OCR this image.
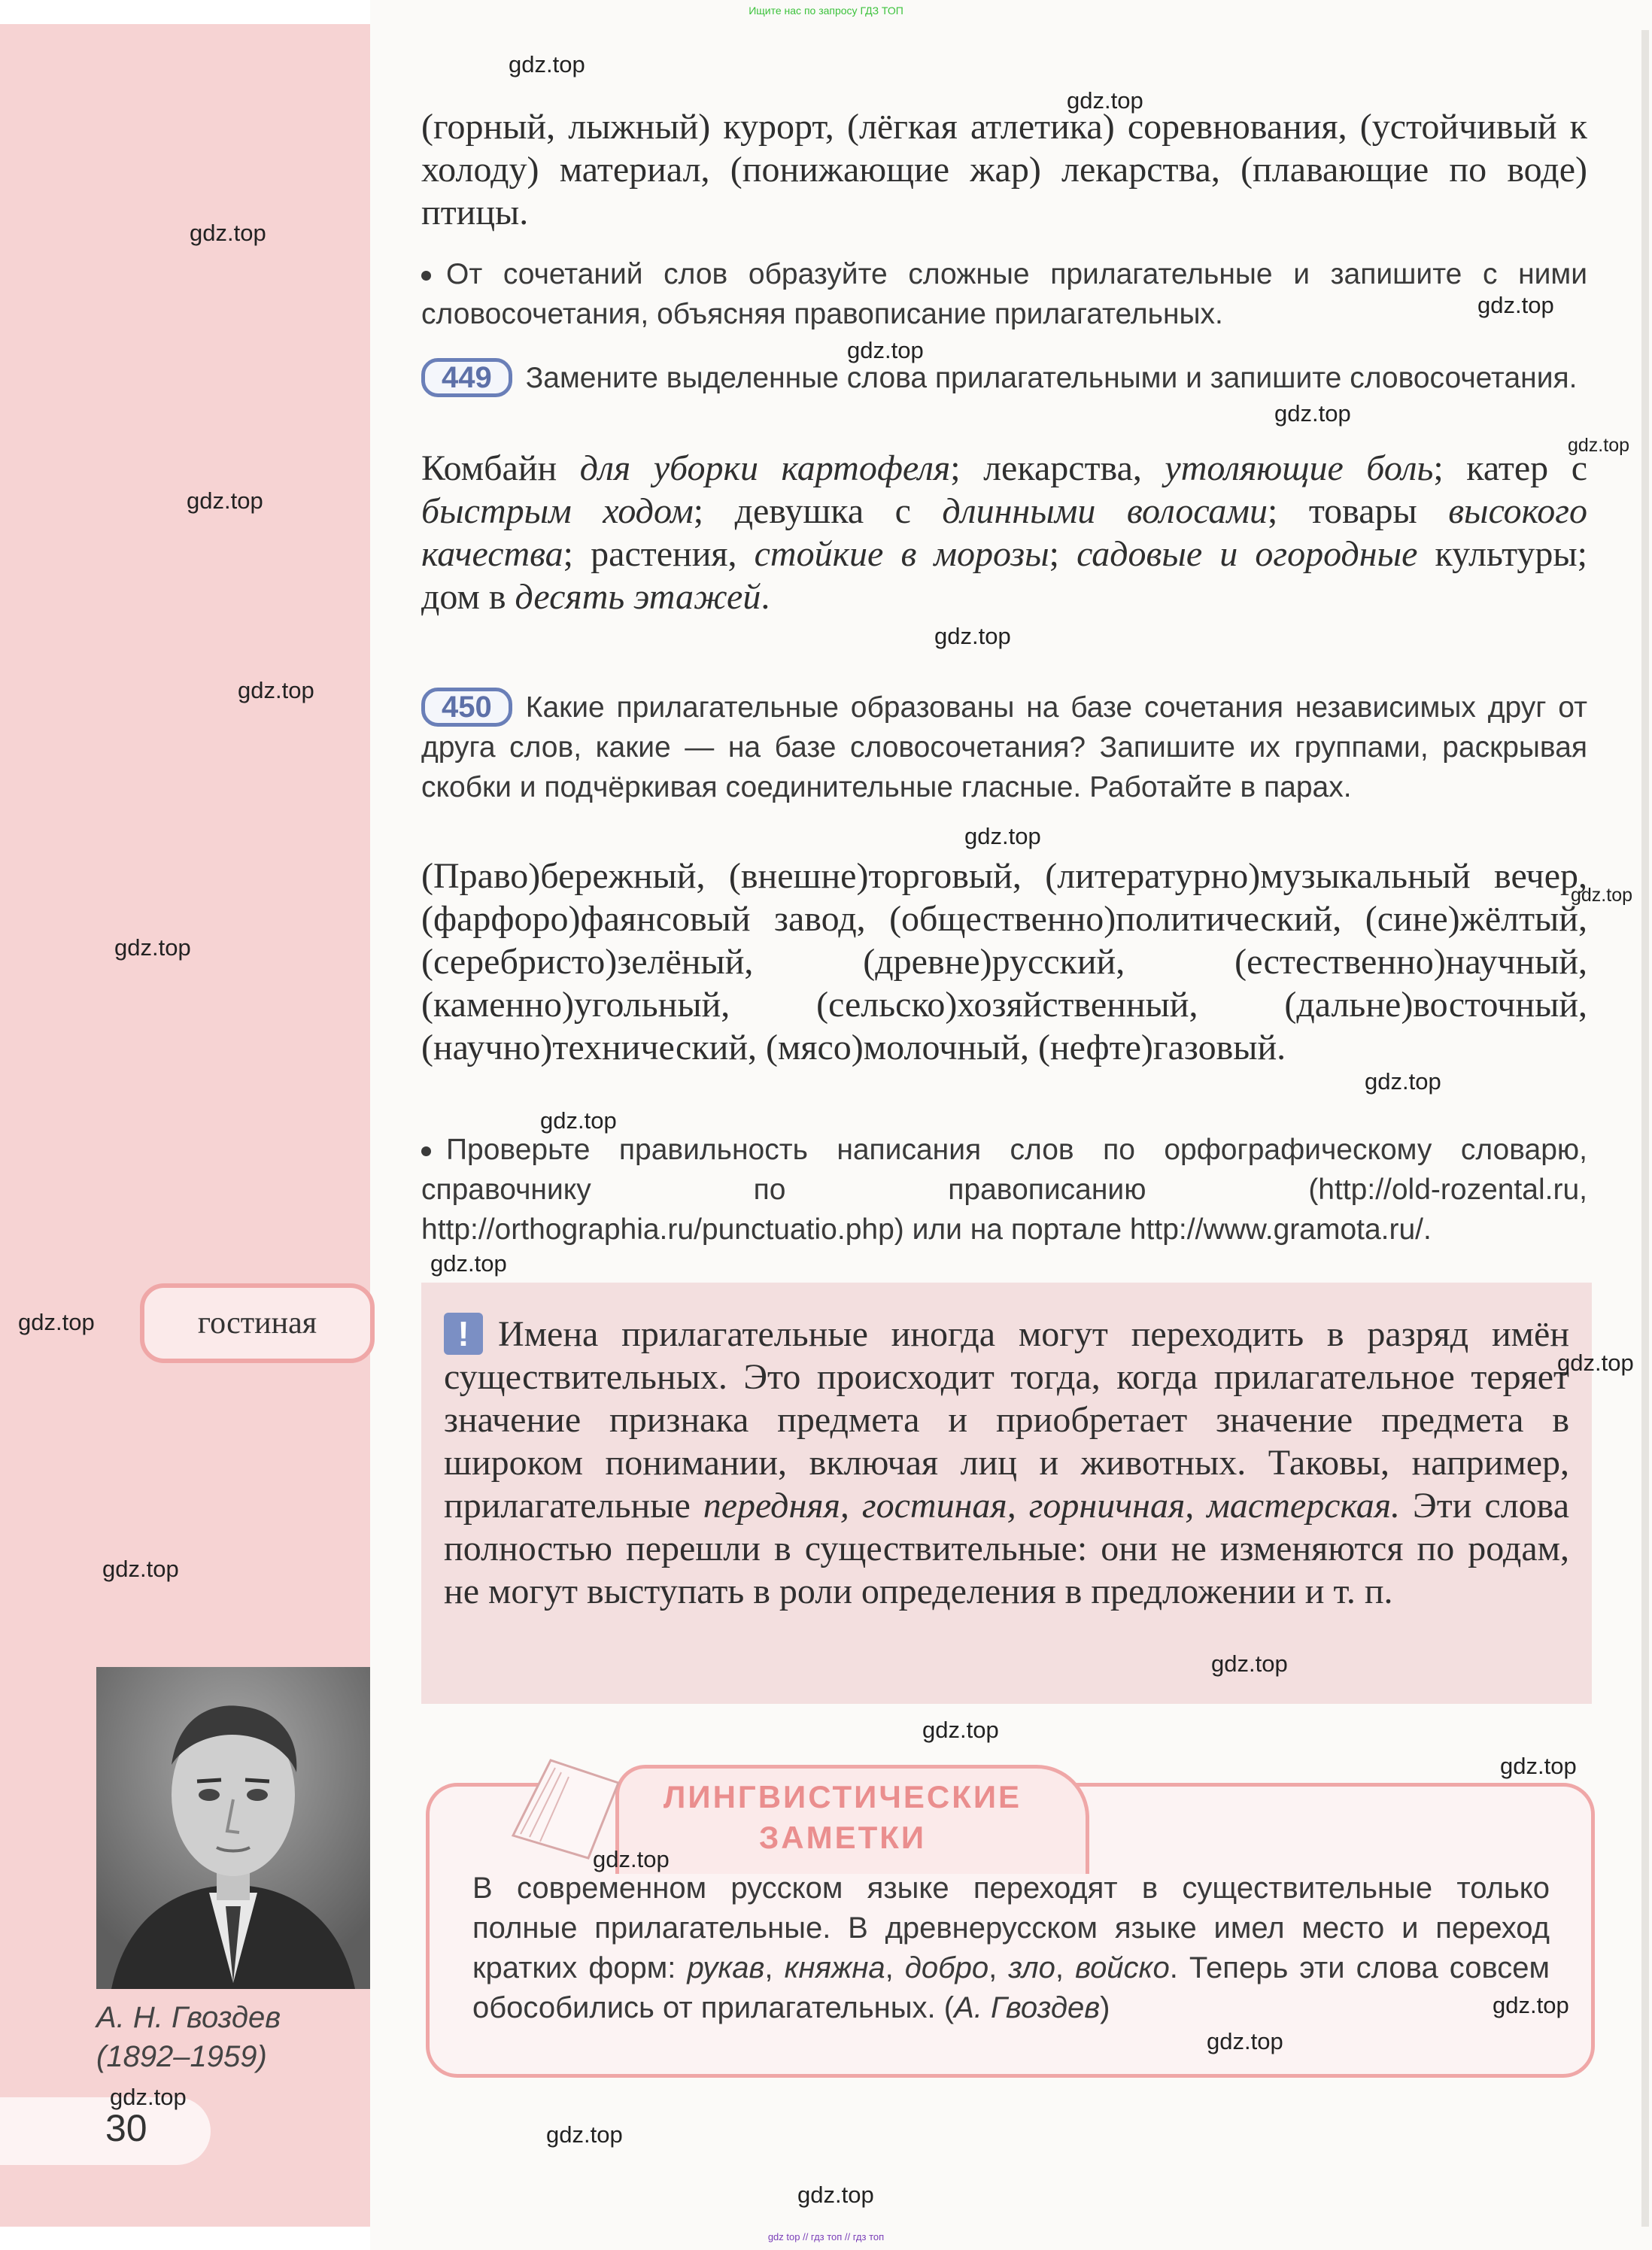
Ищите нас по запросу ГДЗ ТОП
(горный, лыжный) курорт, (лёгкая атлетика) соревнования, (устойчивый к холоду) материал, (понижающие жар) лекарства, (плавающие по воде) птицы.
От сочетаний слов образуйте сложные прилагательные и запишите с ними словосочетания, объясняя правописание прилагательных.
449 Замените выделенные слова прилагательными и запишите словосочетания.
Комбайн для уборки картофеля; лекарства, утоляющие боль; катер с быстрым ходом; девушка с длинными волосами; товары высокого качества; растения, стойкие в морозы; садовые и огородные культуры; дом в десять этажей.
450 Какие прилагательные образованы на базе сочетания независимых друг от друга слов, какие — на базе словосочетания? Запишите их группами, раскрывая скобки и подчёркивая соединительные гласные. Работайте в парах.
(Право)бережный, (внешне)торговый, (литературно)музыкальный вечер, (фарфоро)фаянсовый завод, (общественно)политический, (сине)жёлтый, (серебристо)зелёный, (древне)русский, (естественно)научный, (каменно)угольный, (сельско)хозяйственный, (дальне)восточный, (научно)технический, (мясо)молочный, (нефте)газовый.
Проверьте правильность написания слов по орфографическому словарю, справочнику по правописанию (http://old-rozental.ru, http://orthographia.ru/punctuatio.php) или на портале http://www.gramota.ru/.
гостиная	! Имена прилагательные иногда могут переходить в разряд имён существительных. Это происходит тогда, когда прилагательное теряет значение признака предмета и приобретает значение предмета в широком понимании, включая лиц и животных. Таковы, например, прилагательные передняя, гостиная, горничная, мастерская. Эти слова полностью перешли в существительные: они не изменяются по родам, не могут выступать в роли определения в предложении и т. п.
А. Н. Гвоздев
(1892–1959)
ЛИНГВИСТИЧЕСКИЕ
ЗАМЕТКИ
В современном русском языке переходят в существительные только полные прилагательные. В древнерусском языке имел место и переход кратких форм: рукав, княжна, добро, зло, войско. Теперь эти слова совсем обособились от прилагательных. (А. Гвоздев)
30
gdz.top
gdz.top
gdz.top
gdz.top
gdz.top
gdz.top
gdz.top
gdz.top
gdz.top
gdz.top
gdz.top
gdz.top
gdz.top
gdz.top
gdz.top
gdz.top
gdz.top
gdz.top
gdz.top
gdz.top
gdz.top
gdz.top
gdz.top
gdz.top
gdz.top
gdz.top
gdz.top
gdz.top
gdz top // гдз топ // гдз топ
